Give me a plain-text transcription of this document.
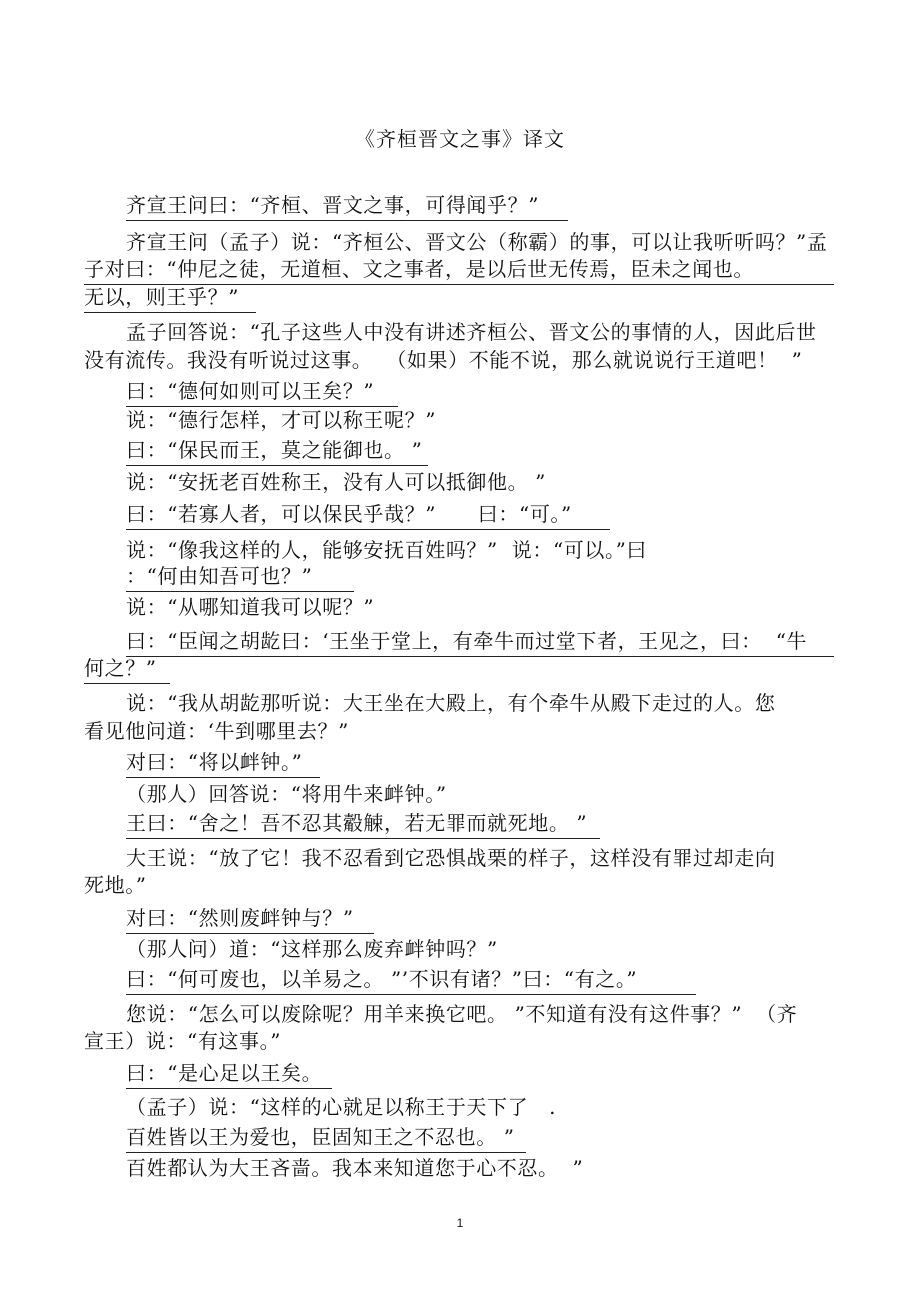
《齐桓晋文之事》译文
齐宣王问曰：“齐桓、晋文之事，可得闻乎？”
齐宣王问（孟子）说：“齐桓公、晋文公（称霸）的事，可以让我听听吗？”孟
子对曰：“仲尼之徒，无道桓、文之事者，是以后世无传焉，臣未之闻也。
无以，则王乎？”
孟子回答说：“孔子这些人中没有讲述齐桓公、晋文公的事情的人，因此后世
没有流传。我没有听说过这事。  （如果）不能不说，那么就说说行王道吧！  ”
曰：“德何如则可以王矣？”
说：“德行怎样，才可以称王呢？”
曰：“保民而王，莫之能御也。 ”
说：“安抚老百姓称王，没有人可以抵御他。 ”
曰：“若寡人者，可以保民乎哉？”      曰：“可。”
说：“像我这样的人，能够安抚百姓吗？”  说：“可以。”曰
：“何由知吾可也？”
说：“从哪知道我可以呢？”
曰：“臣闻之胡龁曰：‘王坐于堂上，有牵牛而过堂下者，王见之，曰：  “牛
何之？”
说：“我从胡龁那听说：大王坐在大殿上，有个牵牛从殿下走过的人。您
看见他问道：‘牛到哪里去？”
对曰：“将以衅钟。”
（那人）回答说：“将用牛来衅钟。”
王曰：“舍之！吾不忍其觳觫，若无罪而就死地。 ”
大王说：“放了它！我不忍看到它恐惧战栗的样子，这样没有罪过却走向
死地。”
对曰：“然则废衅钟与？”
（那人问）道：“这样那么废弃衅钟吗？”
曰：“何可废也，以羊易之。 ”’不识有诸？”曰：“有之。”
您说：“怎么可以废除呢？用羊来换它吧。 ”不知道有没有这件事？”  （齐
宣王）说：“有这事。”
曰：“是心足以王矣。
（孟子）说：“这样的心就足以称王于天下了   .
百姓皆以王为爱也，臣固知王之不忍也。 ”
百姓都认为大王吝啬。我本来知道您于心不忍。  ”
1
